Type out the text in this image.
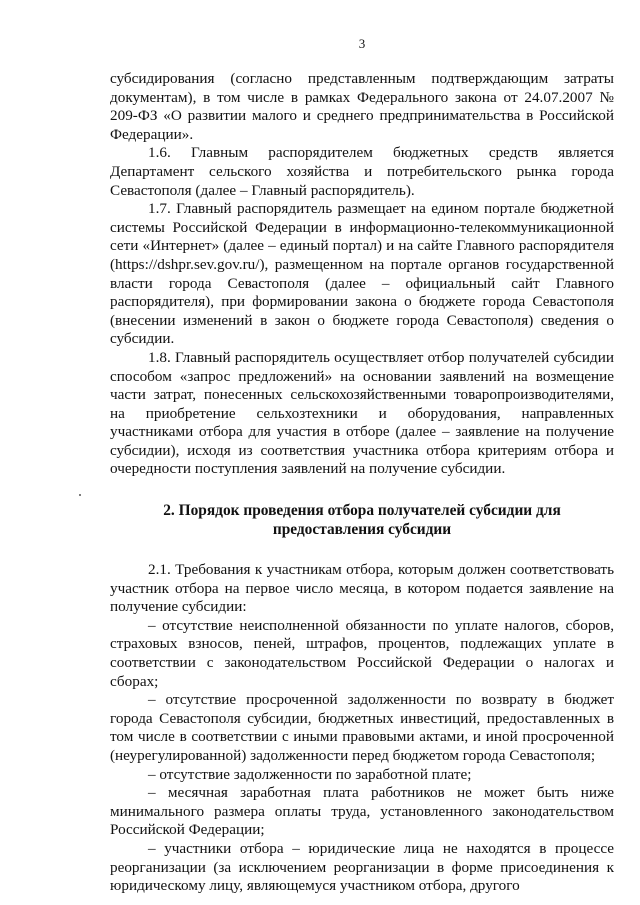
3

субсидирования (согласно представленным подтверждающим затраты документам), в том числе в рамках Федерального закона от 24.07.2007 № 209-ФЗ «О развитии малого и среднего предпринимательства в Российской Федерации».

1.6. Главным распорядителем бюджетных средств является Департамент сельского хозяйства и потребительского рынка города Севастополя (далее – Главный распорядитель).

1.7. Главный распорядитель размещает на едином портале бюджетной системы Российской Федерации в информационно-телекоммуникационной сети «Интернет» (далее – единый портал) и на сайте Главного распорядителя (https://dshpr.sev.gov.ru/), размещенном на портале органов государственной власти города Севастополя (далее – официальный сайт Главного распорядителя), при формировании закона о бюджете города Севастополя (внесении изменений в закон о бюджете города Севастополя) сведения о субсидии.

1.8. Главный распорядитель осуществляет отбор получателей субсидии способом «запрос предложений» на основании заявлений на возмещение части затрат, понесенных сельскохозяйственными товаропроизводителями, на приобретение сельхозтехники и оборудования, направленных участниками отбора для участия в отборе (далее – заявление на получение субсидии), исходя из соответствия участника отбора критериям отбора и очередности поступления заявлений на получение субсидии.

2. Порядок проведения отбора получателей субсидии для предоставления субсидии

2.1. Требования к участникам отбора, которым должен соответствовать участник отбора на первое число месяца, в котором подается заявление на получение субсидии:

– отсутствие неисполненной обязанности по уплате налогов, сборов, страховых взносов, пеней, штрафов, процентов, подлежащих уплате в соответствии с законодательством Российской Федерации о налогах и сборах;

– отсутствие просроченной задолженности по возврату в бюджет города Севастополя субсидии, бюджетных инвестиций, предоставленных в том числе в соответствии с иными правовыми актами, и иной просроченной (неурегулированной) задолженности перед бюджетом города Севастополя;

– отсутствие задолженности по заработной плате;

– месячная заработная плата работников не может быть ниже минимального размера оплаты труда, установленного законодательством Российской Федерации;

– участники отбора – юридические лица не находятся в процессе реорганизации (за исключением реорганизации в форме присоединения к юридическому лицу, являющемуся участником отбора, другого
